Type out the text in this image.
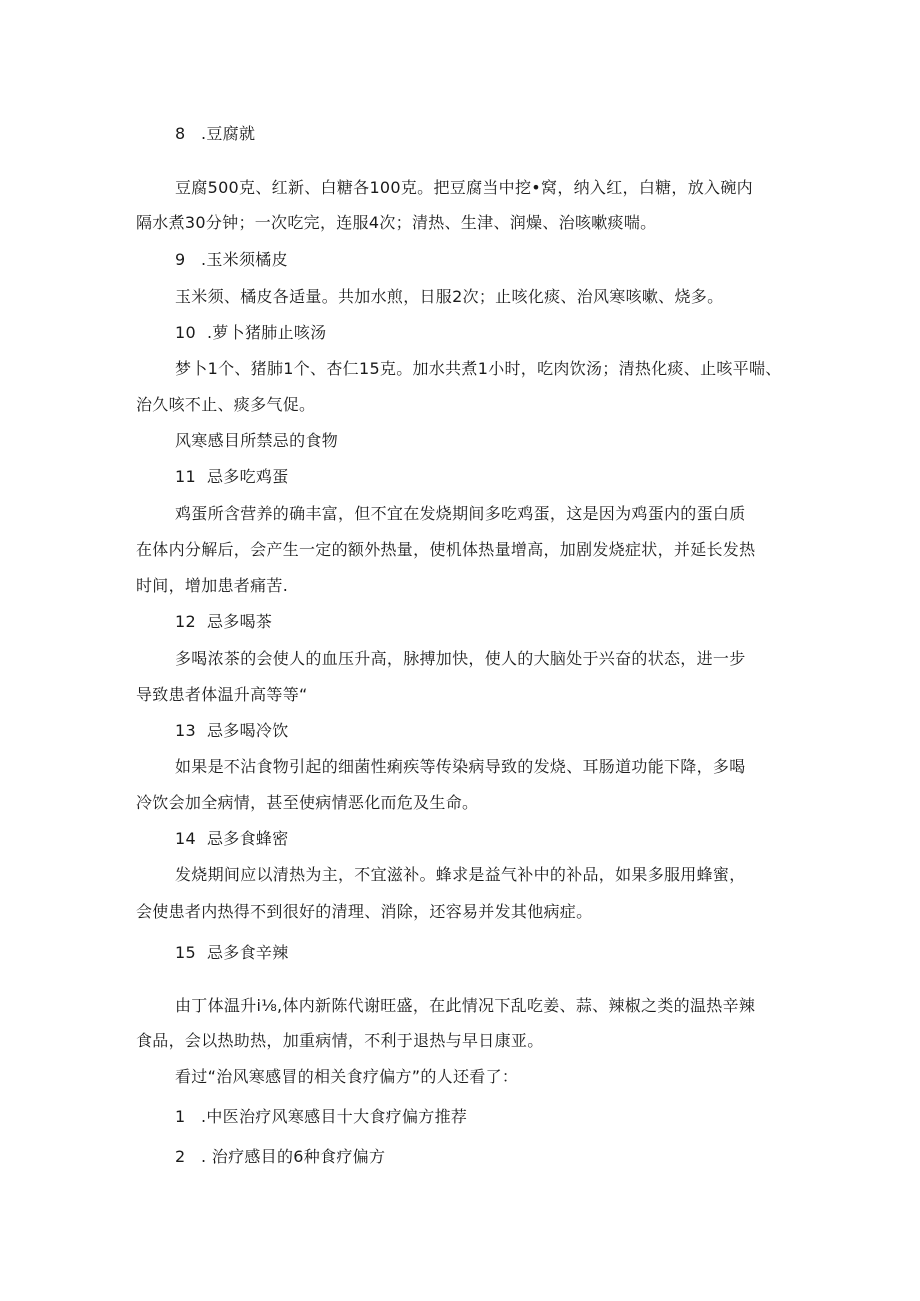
8 .豆腐就
豆腐500克、红新、白糖各100克。把豆腐当中挖•窝，纳入红，白糖，放入碗内
隔水煮30分钟；一次吃完，连服4次；清热、生津、润燥、治咳嗽痰喘。
9 .玉米须橘皮
玉米须、橘皮各适量。共加水煎，日服2次；止咳化痰、治风寒咳嗽、烧多。
10 .萝卜猪肺止咳汤
梦卜1个、猪肺1个、杏仁15克。加水共煮1小时，吃肉饮汤；清热化痰、止咳平喘、
治久咳不止、痰多气促。
风寒感目所禁忌的食物
11 忌多吃鸡蛋
鸡蛋所含营养的确丰富，但不宜在发烧期间多吃鸡蛋，这是因为鸡蛋内的蛋白质
在体内分解后，会产生一定的额外热量，使机体热量增高，加剧发烧症状，并延长发热
时间，增加患者痛苦.
12 忌多喝茶
多喝浓茶的会使人的血压升高，脉搏加快，使人的大脑处于兴奋的状态，进一步
导致患者体温升高等等“
13 忌多喝冷饮
如果是不沾食物引起的细菌性痢疾等传染病导致的发烧、耳肠道功能下降，多喝
冷饮会加全病情，甚至使病情恶化而危及生命。
14 忌多食蜂密
发烧期间应以清热为主，不宜滋补。蜂求是益气补中的补品，如果多服用蜂蜜，
会使患者内热得不到很好的清理、消除，还容易并发其他病症。
15 忌多食辛辣
由丁体温升i⅛,体内新陈代谢旺盛，在此情况下乱吃姜、蒜、辣椒之类的温热辛辣
食品，会以热助热，加重病情，不利于退热与早日康亚。
看过“治风寒感冒的相关食疗偏方”的人还看了：
1 .中医治疗风寒感目十大食疗偏方推荐
2 . 治疗感目的6种食疗偏方
